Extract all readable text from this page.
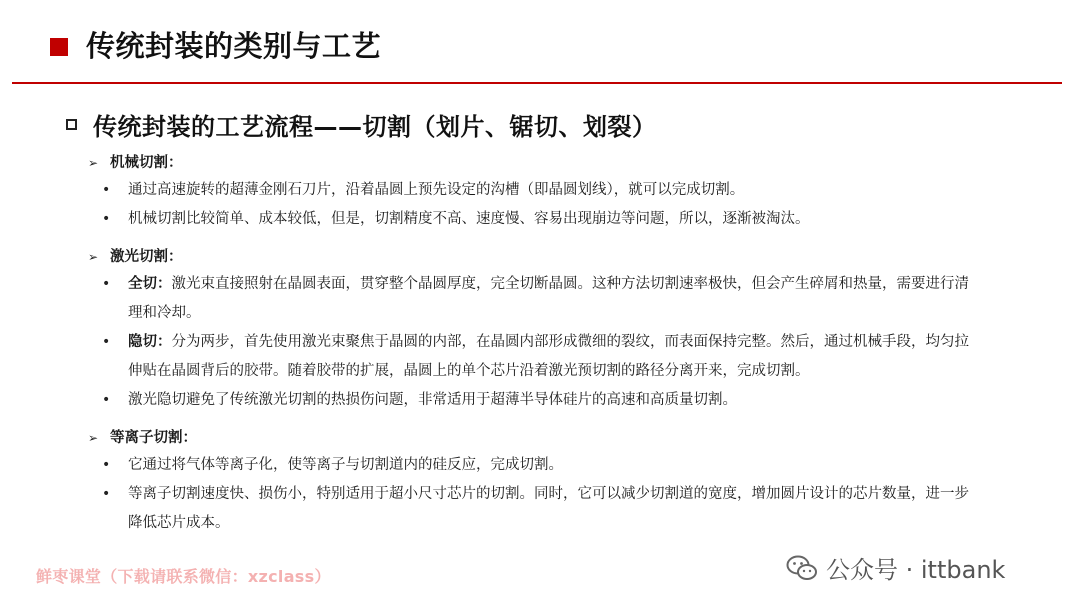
传统封装的类别与工艺
传统封装的工艺流程——切割（划片、锯切、划裂）
➢ 机械切割：
•	通过高速旋转的超薄金刚石刀片，沿着晶圆上预先设定的沟槽（即晶圆划线），就可以完成切割。
•	机械切割比较简单、成本较低，但是，切割精度不高、速度慢、容易出现崩边等问题，所以，逐渐被淘汰。
➢ 激光切割：
•	全切：激光束直接照射在晶圆表面，贯穿整个晶圆厚度，完全切断晶圆。这种方法切割速率极快，但会产生碎屑和热量，需要进行清理和冷却。
•	隐切：分为两步，首先使用激光束聚焦于晶圆的内部，在晶圆内部形成微细的裂纹，而表面保持完整。然后，通过机械手段，均匀拉伸贴在晶圆背后的胶带。随着胶带的扩展，晶圆上的单个芯片沿着激光预切割的路径分离开来，完成切割。
•	激光隐切避免了传统激光切割的热损伤问题，非常适用于超薄半导体硅片的高速和高质量切割。
➢ 等离子切割：
•	它通过将气体等离子化，使等离子与切割道内的硅反应，完成切割。
•	等离子切割速度快、损伤小，特别适用于超小尺寸芯片的切割。同时，它可以减少切割道的宽度，增加圆片设计的芯片数量，进一步降低芯片成本。
鲜枣课堂（下载请联系微信：xzclass）	公众号 · ittbank
